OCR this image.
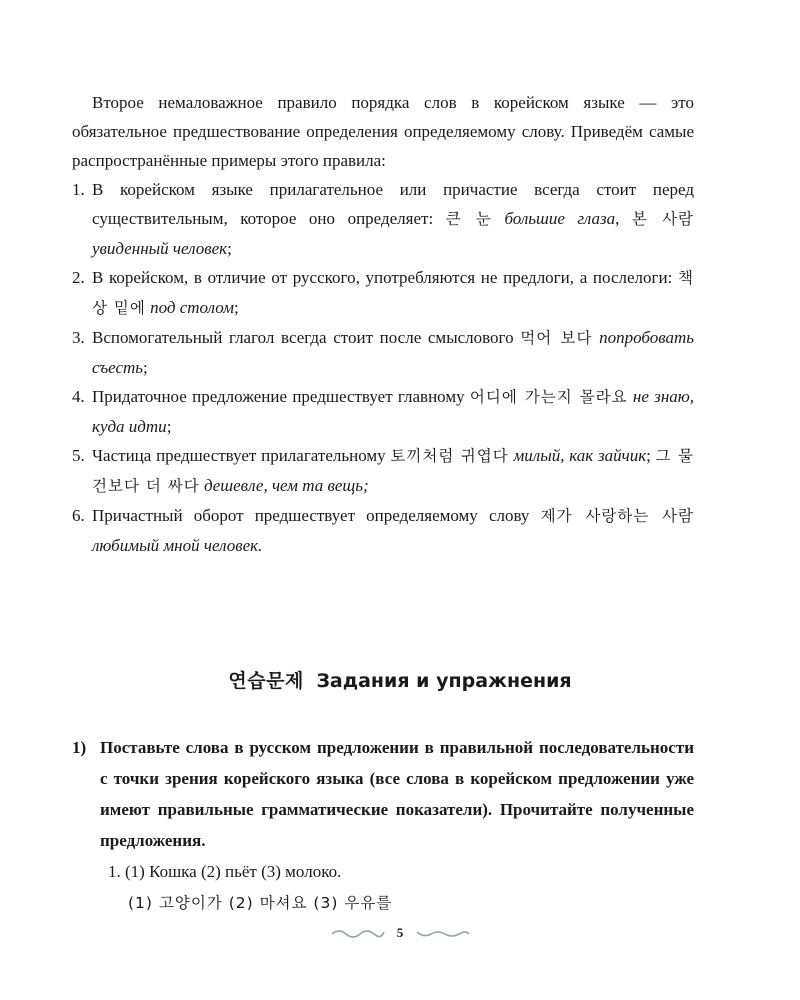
Второе немаловажное правило порядка слов в корейском языке — это обязательное предшествование определения определяемому слову. Приведём самые распространённые примеры этого правила:

1. В корейском языке прилагательное или причастие всегда стоит перед существительным, которое оно определяет: 큰 눈 большие глаза, 본 사람 увиденный человек;
2. В корейском, в отличие от русского, употребляются не предлоги, а послелоги: 책상 밑에 под столом;
3. Вспомогательный глагол всегда стоит после смыслового 먹어 보다 попробовать съесть;
4. Придаточное предложение предшествует главному 어디에 가는지 몰라요 не знаю, куда идти;
5. Частица предшествует прилагательному 토끼처럼 귀엽다 милый, как зайчик; 그 물건보다 더 싸다 дешевле, чем та вещь;
6. Причастный оборот предшествует определяемому слову 제가 사랑하는 사람 любимый мной человек.
연습문제 Задания и упражнения
1) Поставьте слова в русском предложении в правильной последовательности с точки зрения корейского языка (все слова в корейском предложении уже имеют правильные грамматические показатели). Прочитайте полученные предложения.
1. (1) Кошка (2) пьёт (3) молоко.
(1) 고양이가 (2) 마셔요 (3) 우유를
5
